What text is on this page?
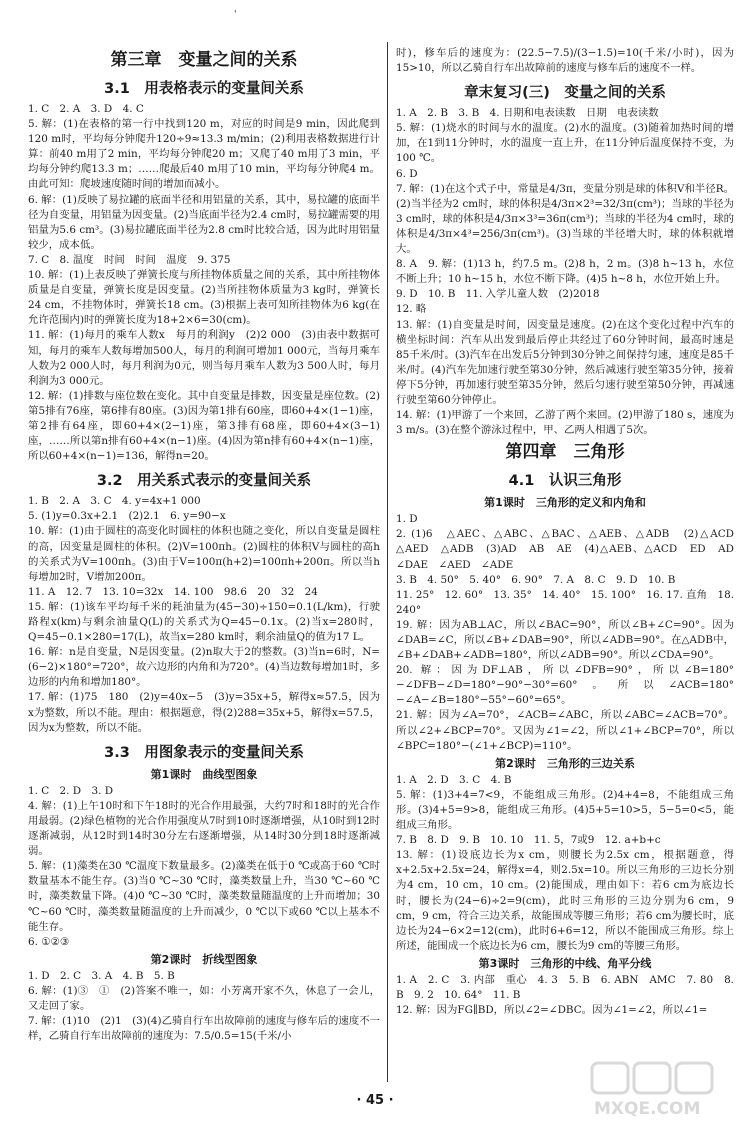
'
第三章　变量之间的关系
3.1　用表格表示的变量间关系
1. C　2. A　3. D　4. C
5. 解：(1)在表格的第一行中找到120 m，对应的时间是9 min，因此爬到120 m时，平均每分钟爬升120÷9≈13.3 m/min；(2)利用表格数据进行计算：前40 m用了2 min，平均每分钟爬20 m；又爬了40 m用了3 min，平均每分钟约爬13.3 m；……爬最后40 m用了10 min，平均每分钟爬4 m。由此可知：爬坡速度随时间的增加而减小。
6. 解：(1)反映了易拉罐的底面半径和用铝量的关系，其中，易拉罐的底面半径为自变量，用铝量为因变量。(2)当底面半径为2.4 cm时，易拉罐需要的用铝量为5.6 cm³。(3)易拉罐底面半径为2.8 cm时比较合适，因为此时用铝量较少，成本低。
7. C　8. 温度　时间　时间　温度　9. 375
10. 解：(1)上表反映了弹簧长度与所挂物体质量之间的关系，其中所挂物体质量是自变量，弹簧长度是因变量。(2)当所挂物体质量为3 kg时，弹簧长24 cm，不挂物体时，弹簧长18 cm。(3)根据上表可知所挂物体为6 kg(在允许范围内)时的弹簧长度为18+2×6=30(cm)。
11. 解：(1)每月的乘车人数x　每月的利润y　(2)2 000　(3)由表中数据可知，每月的乘车人数每增加500人，每月的利润可增加1 000元，当每月乘车人数为2 000人时，每月利润为0元，则当每月乘车人数为3 500人时，每月利润为3 000元。
12. 解：(1)排数与座位数在变化。其中自变量是排数，因变量是座位数。(2)第5排有76座，第6排有80座。(3)因为第1排有60座，即60+4×(1−1)座，第2排有64座，即60+4×(2−1)座，第3排有68座，即60+4×(3−1)座，……所以第n排有60+4×(n−1)座。(4)因为第n排有60+4×(n−1)座，所以60+4×(n−1)=136，解得n=20。
3.2　用关系式表示的变量间关系
1. B　2. A　3. C　4. y=4x+1 000
5. (1)y=0.3x+2.1　(2)2.1　6. y=90−x
10. 解：(1)由于圆柱的高变化时圆柱的体积也随之变化，所以自变量是圆柱的高，因变量是圆柱的体积。(2)V=100πh。(2)圆柱的体积V与圆柱的高h的关系式为V=100πh。(3)由于V=100π(h+2)=100πh+200π。所以当h每增加2时，V增加200π。
11. A　12. 7　13. 10=32x　14. 100　98.6　20　32　24
15. 解：(1)该车平均每千米的耗油量为(45−30)÷150=0.1(L/km)，行驶路程x(km)与剩余油量Q(L)的关系式为Q=45−0.1x。(2)当x=280时，Q=45−0.1×280=17(L)，故当x=280 km时，剩余油量Q的值为17 L。
16. 解：n是自变量，N是因变量。(2)n取大于2的整数。(3)当n=6时，N=(6−2)×180°=720°，故六边形的内角和为720°。(4)当边数每增加1时，多边形的内角和增加180°。
17. 解：(1)75　180　(2)y=40x−5　(3)y=35x+5，解得x≈57.5，因为x为整数，所以不能。理由：根据题意，得(2)288=35x+5，解得x=57.5，因为x为整数，所以不能。
3.3　用图象表示的变量间关系
第1课时　曲线型图象
1. C　2. D　3. D
4. 解：(1)上午10时和下午18时的光合作用最强，大约7时和18时的光合作用最弱。(2)绿色植物的光合作用强度从7时到10时逐渐增强，从10时到12时逐渐减弱，从12时到14时30分左右逐渐增强，从14时30分到18时逐渐减弱。
5. 解：(1)藻类在30 ℃温度下数量最多。(2)藻类在低于0 ℃或高于60 ℃时数量基本不能生存。(3)当0 ℃~30 ℃时，藻类数量上升，当30 ℃~60 ℃时，藻类数量下降。(4)0 ℃~30 ℃时，藻类数量随温度的上升而增加；30 ℃~60 ℃时，藻类数量随温度的上升而减少，0 ℃以下或60 ℃以上基本不能生存。
6. ①②③
第2课时　折线型图象
1. D　2. C　3. A　4. B　5. B
6. 解：(1)③　①　(2)答案不唯一，如：小芳离开家不久，休息了一会儿，又走回了家。
7. 解：(1)10　(2)1　(3)(4)乙骑自行车出故障前的速度与修车后的速度不一样，乙骑自行车出故障前的速度为：7.5/0.5=15(千米/小
时)，修车后的速度为：(22.5−7.5)/(3−1.5)=10(千米/小时)，因为15>10，所以乙骑自行车出故障前的速度与修车后的速度不一样。
章末复习(三)　变量之间的关系
1. A　2. B　3. B　4. 日期和电表读数　日期　电表读数
5. 解：(1)烧水的时间与水的温度。(2)水的温度。(3)随着加热时间的增加，在1到11分钟时，水的温度一直上升，在11分钟后温度保持不变，为100 ℃。
6. D
7. 解：(1)在这个式子中，常量是4/3π，变量分别是球的体积V和半径R。(2)当半径为2 cm时，球的体积是4/3π×2³=32/3π(cm³)；当球的半径为3 cm时，球的体积是4/3π×3³=36π(cm³)；当球的半径为4 cm时，球的体积是4/3π×4³=256/3π(cm³)。(3)当球的半径增大时，球的体积就增大。
8. A　9. 解：(1)13 h，约7.5 m。(2)8 h，2 m。(3)8 h~13 h，水位不断上升；10 h~15 h，水位不断下降。(4)5 h~8 h，水位开始上升。
9. D　10. B　11. 入学儿童人数　(2)2018
12. 略
13. 解：(1)自变量是时间，因变量是速度。(2)在这个变化过程中汽车的横坐标时间：汽车从出发到最后停止共经过了60分钟时间，最高时速是85千米/时。(3)汽车在出发后5分钟到30分钟之间保持匀速，速度是85千米/时。(4)汽车先加速行驶至第30分钟，然后减速行驶至第35分钟，接着停下5分钟，再加速行驶至第35分钟，然后匀速行驶至第50分钟，再减速行驶至第60分钟停止。
14. 解：(1)甲游了一个来回，乙游了两个来回。(2)甲游了180 s，速度为3 m/s。(3)在整个游泳过程中，甲、乙两人相遇了5次。
第四章　三角形
4.1　认识三角形
第1课时　三角形的定义和内角和
1. D
2. (1)6　△AEC、△ABC、△BAC、△AEB、△ADB　(2)△ACD　△AED　△ADB　(3)AD　AB　AE　(4)△AEB、△ACD　ED　AD　∠DAE　∠AED　∠ADE
3. B　4. 50°　5. 40°　6. 90°　7. A　8. C　9. D　10. B
11. 25°　12. 60°　13. 35°　14. 40°　15. 100°　16. 17. 直角　18. 240°
19. 解：因为AB⊥AC，所以∠BAC=90°，所以∠B+∠C=90°。因为∠DAB=∠C，所以∠B+∠DAB=90°，所以∠ADB=90°。在△ADB中，∠B+∠DAB+∠ADB=180°，所以∠ADB=90°。所以∠CDA=90°。
20. 解：因为DF⊥AB，所以∠DFB=90°，所以∠B=180°−∠DFB−∠D=180°−90°−30°=60°。所以∠ACB=180°−∠A−∠B=180°−55°−60°=65°。
21. 解：因为∠A=70°，∠ACB=∠ABC，所以∠ABC=∠ACB=70°。所以∠2+∠BCP=70°。又因为∠1=∠2，所以∠1+∠BCP=70°，所以∠BPC=180°−(∠1+∠BCP)=110°。
第2课时　三角形的三边关系
1. A　2. D　3. C　4. B
5. 解：(1)3+4=7<9，不能组成三角形。(2)4+4=8，不能组成三角形。(3)4+5=9>8，能组成三角形。(4)5+5=10>5，5−5=0<5，能组成三角形。
7. B　8. D　9. B　10. 10　11. 5，7或9　12. a+b+c
13. 解：(1)设底边长为x cm，则腰长为2.5x cm，根据题意，得x+2.5x+2.5x=24，解得x=4，则2.5x=10。所以三角形的三边长分别为4 cm，10 cm，10 cm。(2)能围成，理由如下：若6 cm为底边长时，腰长为(24−6)÷2=9(cm)，此时三角形的三边分别为6 cm，9 cm，9 cm，符合三边关系，故能围成等腰三角形；若6 cm为腰长时，底边长为24−6×2=12(cm)，此时6+6=12，所以不能围成三角形。综上所述，能围成一个底边长为6 cm，腰长为9 cm的等腰三角形。
第3课时　三角形的中线、角平分线
1. A　2. C　3. 内部　重心　4. 3　5. B　6. ABN　AMC　7. 80　8. B　9. 2　10. 64°　11. B
12. 解：因为FG∥BD，所以∠2=∠DBC。因为∠1=∠2，所以∠1=
· 45 ·	MXQE.COM
